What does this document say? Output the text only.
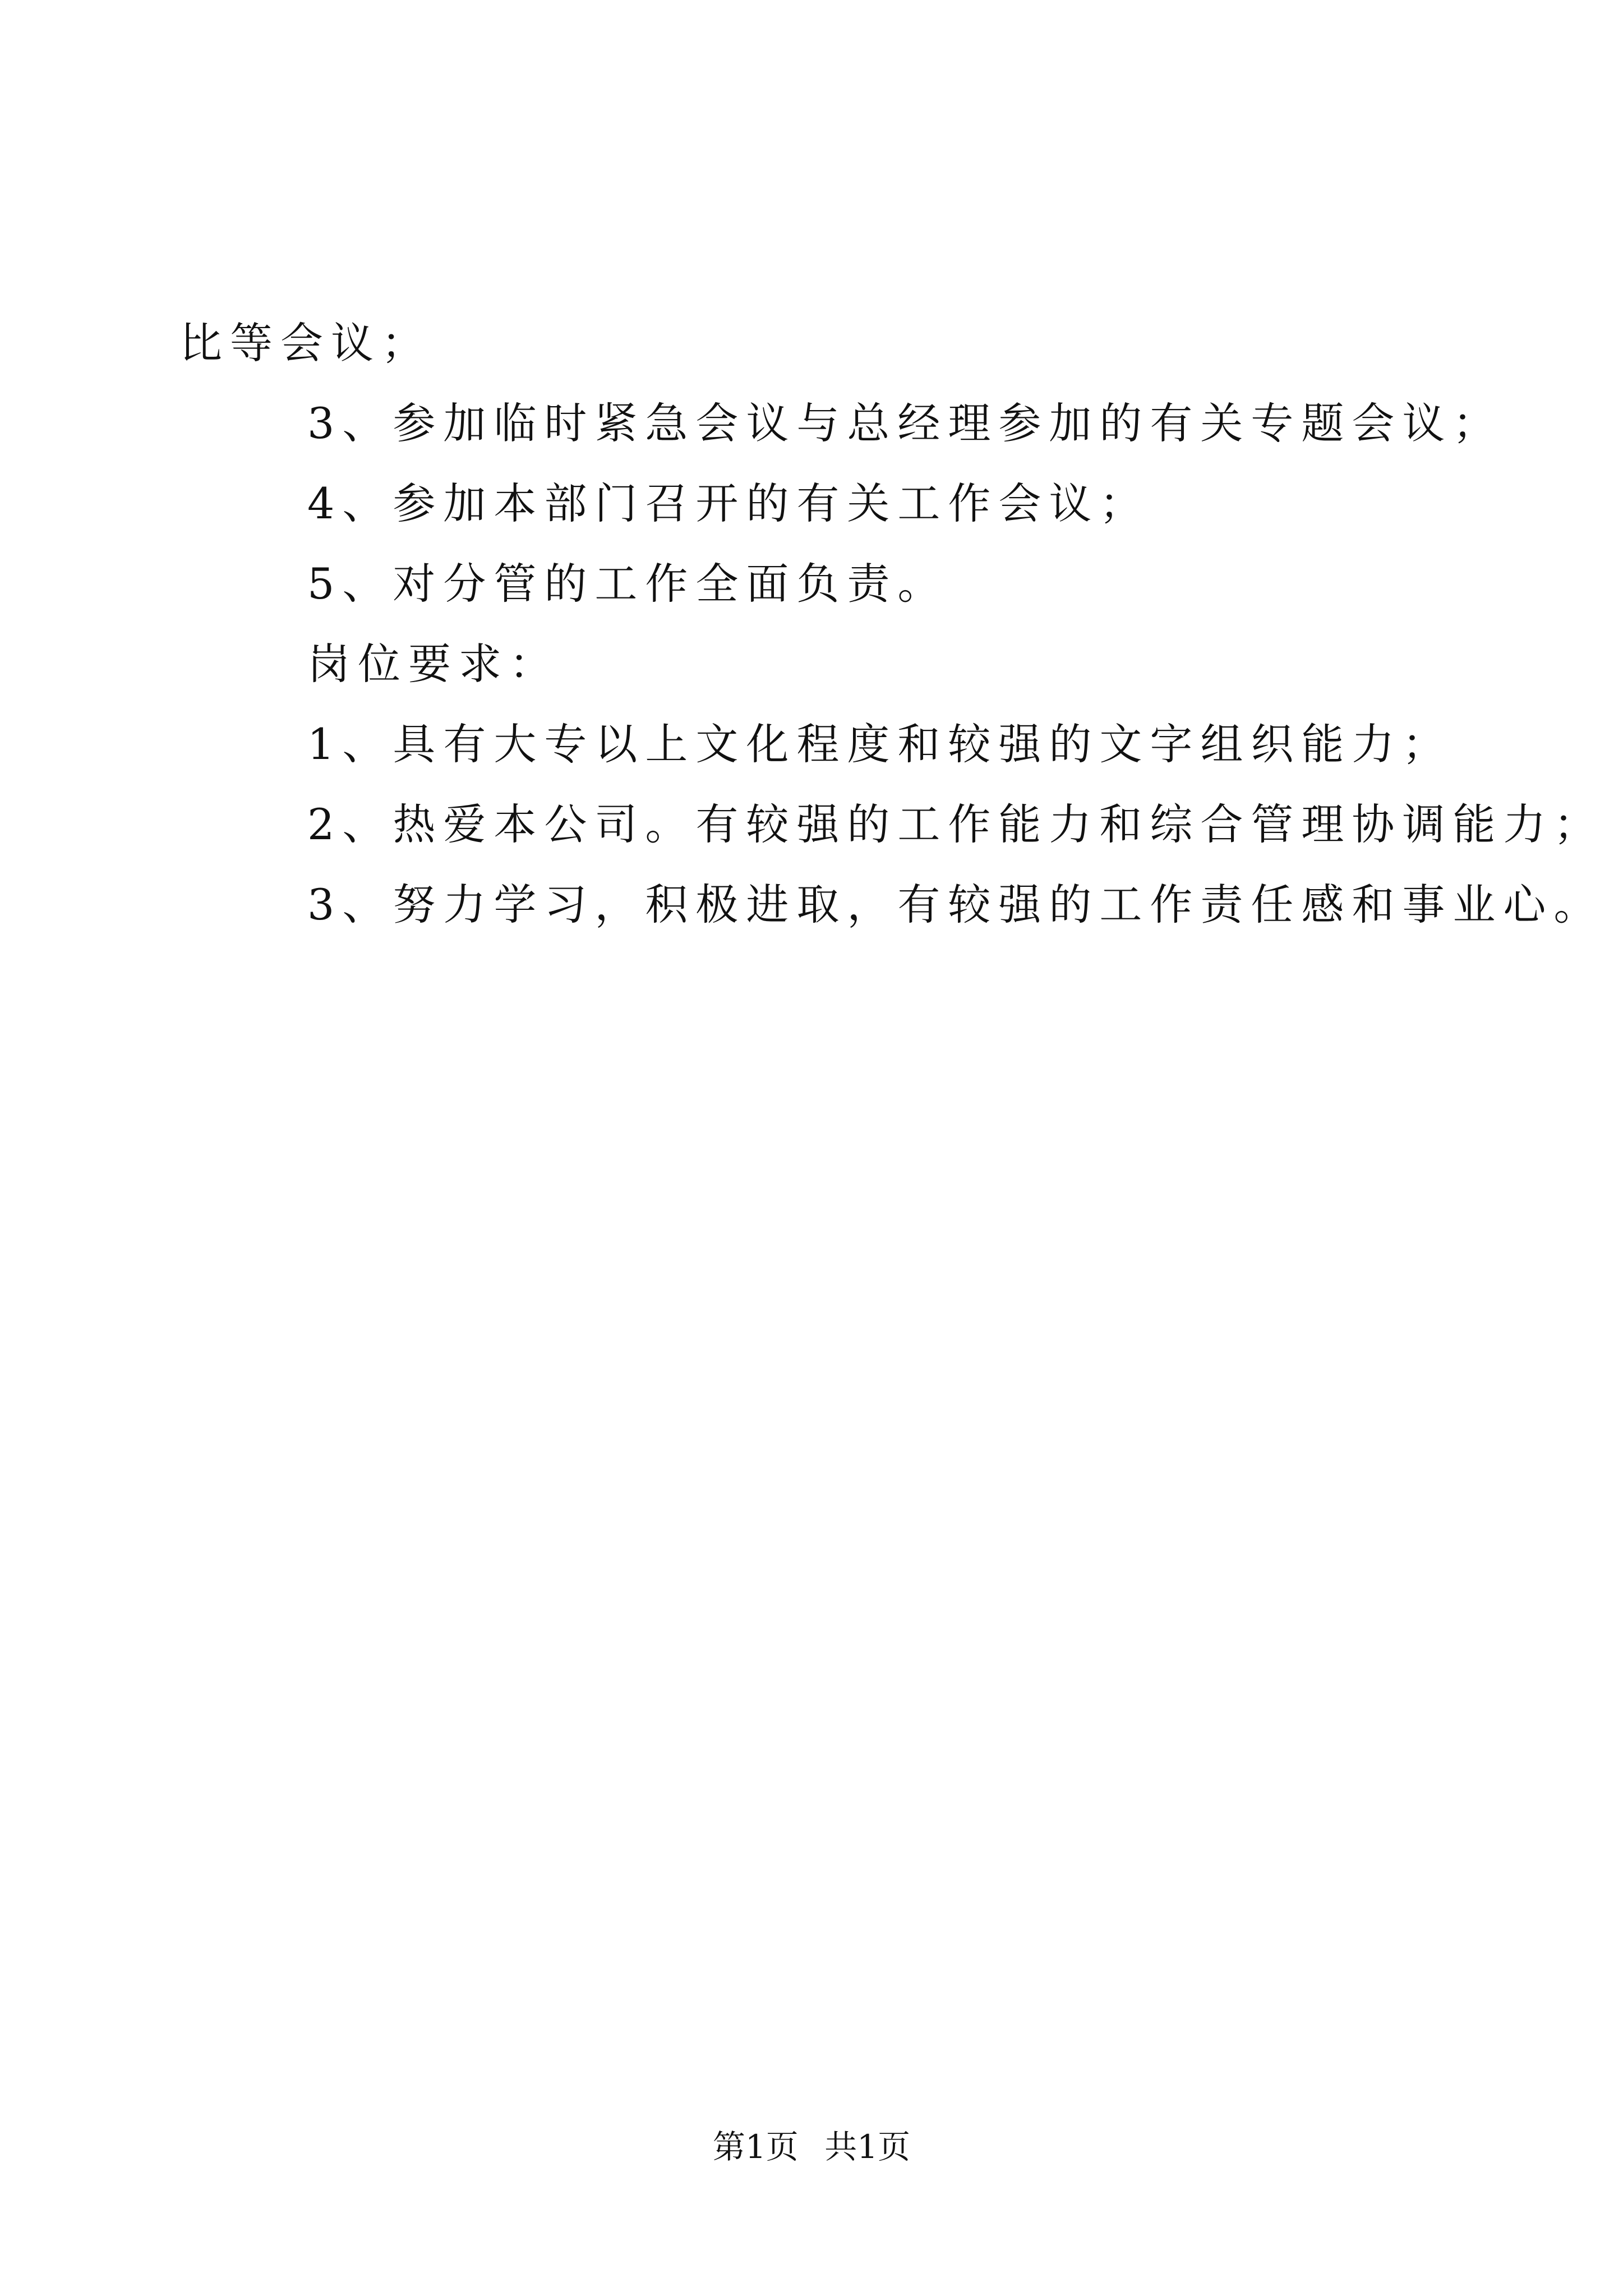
比等会议；
3、参加临时紧急会议与总经理参加的有关专题会议；
4、参加本部门召开的有关工作会议；
5、对分管的工作全面负责。
岗位要求：
1、具有大专以上文化程度和较强的文字组织能力；
2、热爱本公司。有较强的工作能力和综合管理协调能力；
3、努力学习，积极进取，有较强的工作责任感和事业心。
第1页 共1页
